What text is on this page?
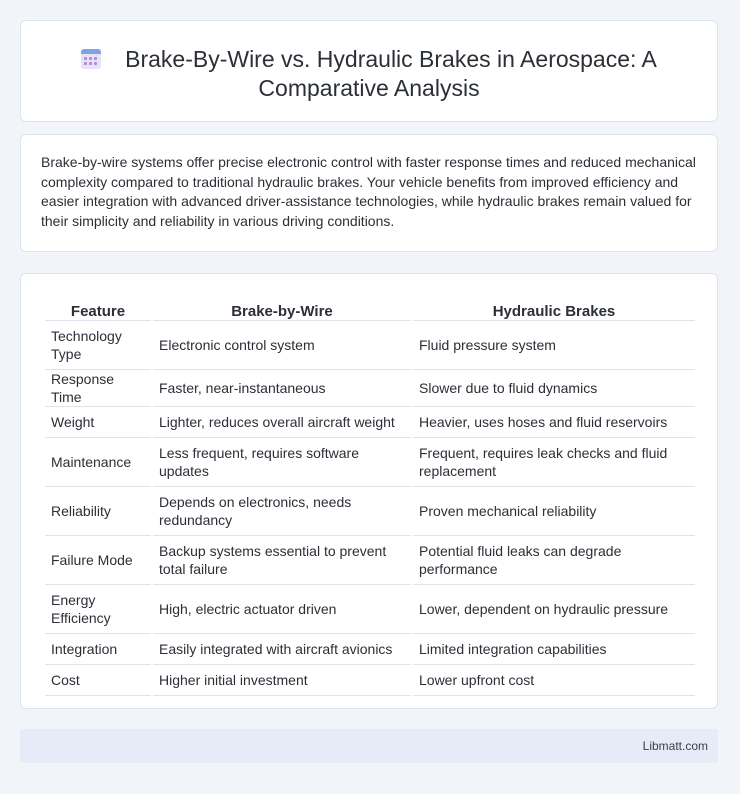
Brake-By-Wire vs. Hydraulic Brakes in Aerospace: A Comparative Analysis
Brake-by-wire systems offer precise electronic control with faster response times and reduced mechanical complexity compared to traditional hydraulic brakes. Your vehicle benefits from improved efficiency and easier integration with advanced driver-assistance technologies, while hydraulic brakes remain valued for their simplicity and reliability in various driving conditions.
Feature	Brake-by-Wire	Hydraulic Brakes
Technology Type	Electronic control system	Fluid pressure system
Response Time	Faster, near-instantaneous	Slower due to fluid dynamics
Weight	Lighter, reduces overall aircraft weight	Heavier, uses hoses and fluid reservoirs
Maintenance	Less frequent, requires software updates	Frequent, requires leak checks and fluid replacement
Reliability	Depends on electronics, needs redundancy	Proven mechanical reliability
Failure Mode	Backup systems essential to prevent total failure	Potential fluid leaks can degrade performance
Energy Efficiency	High, electric actuator driven	Lower, dependent on hydraulic pressure
Integration	Easily integrated with aircraft avionics	Limited integration capabilities
Cost	Higher initial investment	Lower upfront cost
Libmatt.com
